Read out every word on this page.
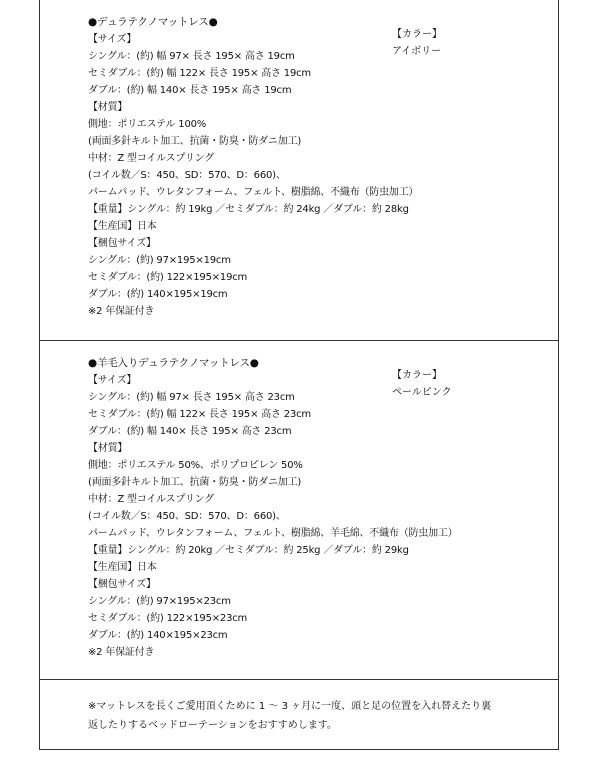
●デュラテクノマットレス●
【サイズ】
シングル：(約) 幅 97× 長さ 195× 高さ 19cm
セミダブル：(約) 幅 122× 長さ 195× 高さ 19cm
ダブル：(約) 幅 140× 長さ 195× 高さ 19cm
【材質】
側地：ポリエステル 100%
(両面多針キルト加工、抗菌・防臭・防ダニ加工)
中材：Z 型コイルスプリング
(コイル数／S：450、SD：570、D：660)、
パームパッド、ウレタンフォーム、フェルト、樹脂綿、不織布（防虫加工）
【重量】シングル：約 19kg ／セミダブル：約 24kg ／ダブル：約 28kg
【生産国】日本
【梱包サイズ】
シングル：(約) 97×195×19cm
セミダブル：(約) 122×195×19cm
ダブル：(約) 140×195×19cm
※2 年保証付き
【カラー】
アイボリー
●羊毛入りデュラテクノマットレス●
【サイズ】
シングル：(約) 幅 97× 長さ 195× 高さ 23cm
セミダブル：(約) 幅 122× 長さ 195× 高さ 23cm
ダブル：(約) 幅 140× 長さ 195× 高さ 23cm
【材質】
側地：ポリエステル 50%、ポリプロピレン 50%
(両面多針キルト加工、抗菌・防臭・防ダニ加工)
中材：Z 型コイルスプリング
(コイル数／S：450、SD：570、D：660)、
パームパッド、ウレタンフォーム、フェルト、樹脂綿、羊毛綿、不織布（防虫加工）
【重量】シングル：約 20kg ／セミダブル：約 25kg ／ダブル：約 29kg
【生産国】日本
【梱包サイズ】
シングル：(約) 97×195×23cm
セミダブル：(約) 122×195×23cm
ダブル：(約) 140×195×23cm
※2 年保証付き
【カラー】
ペールピンク

※マットレスを長くご愛用頂くために 1 ～ 3 ヶ月に一度、頭と足の位置を入れ替えたり裏

返したりするベッドローテーションをおすすめします。
